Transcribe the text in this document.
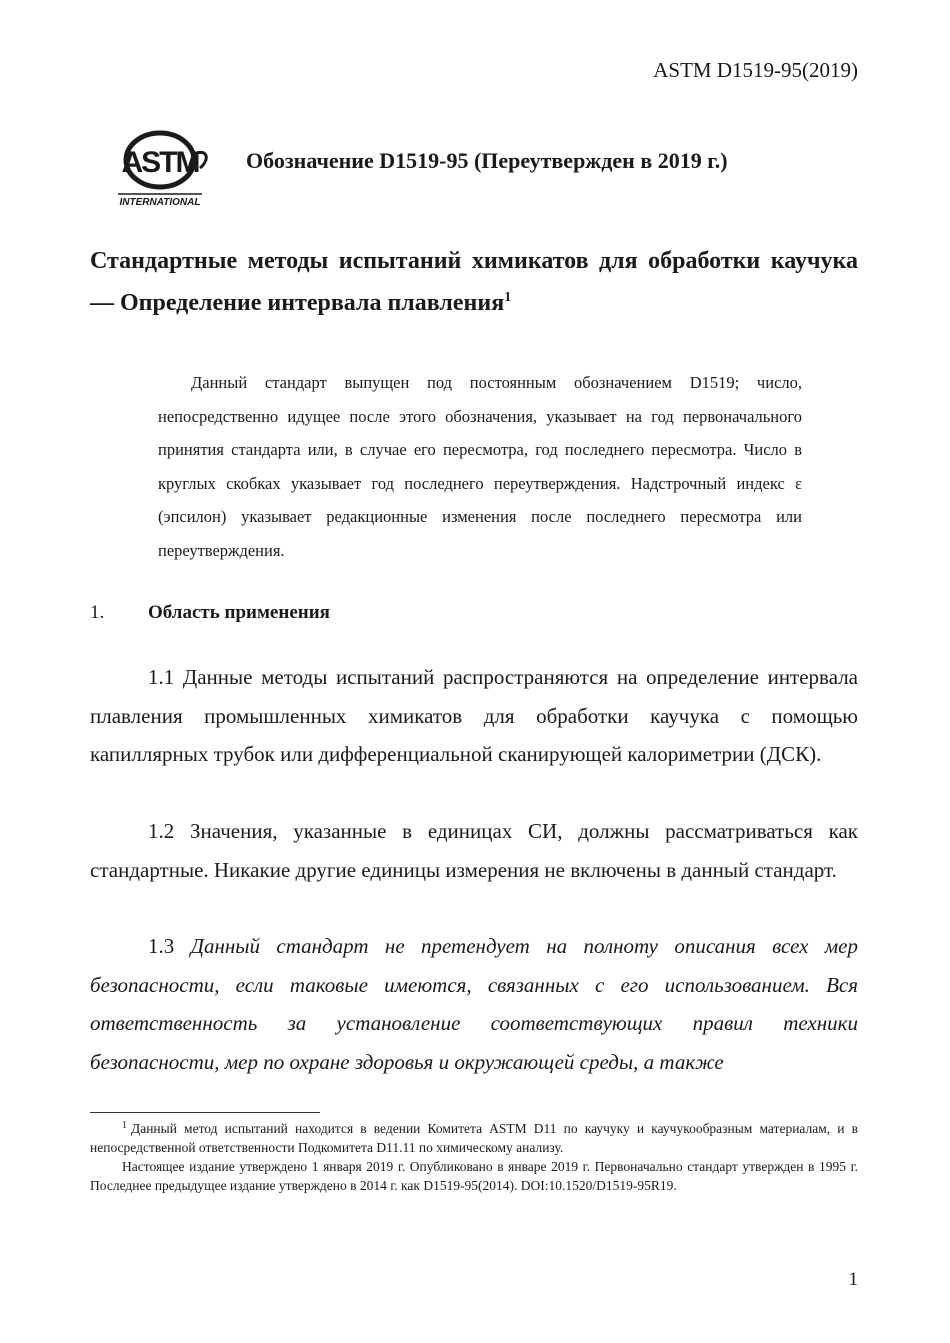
ASTM D1519-95(2019)
ASTM
INTERNATIONAL
Обозначение D1519-95 (Переутвержден в 2019 г.)
Стандартные методы испытаний химикатов для обработки каучука — Определение интервала плавления$^1$
Данный стандарт выпущен под постоянным обозначением D1519; число, непосредственно идущее после этого обозначения, указывает на год первоначального принятия стандарта или, в случае его пересмотра, год последнего пересмотра. Число в круглых скобках указывает год последнего переутверждения. Надстрочный индекс ε (эпсилон) указывает редакционные изменения после последнего пересмотра или переутверждения.
1. Область применения
1.1 Данные методы испытаний распространяются на определение интервала плавления промышленных химикатов для обработки каучука с помощью капиллярных трубок или дифференциальной сканирующей калориметрии (ДСК).
1.2 Значения, указанные в единицах СИ, должны рассматриваться как стандартные. Никакие другие единицы измерения не включены в данный стандарт.
1.3 Данный стандарт не претендует на полноту описания всех мер безопасности, если таковые имеются, связанных с его использованием. Вся ответственность за установление соответствующих правил техники безопасности, мер по охране здоровья и окружающей среды, а также
$^1$ Данный метод испытаний находится в ведении Комитета ASTM D11 по каучуку и каучукообразным материалам, и в непосредственной ответственности Подкомитета D11.11 по химическому анализу.
Настоящее издание утверждено 1 января 2019 г. Опубликовано в январе 2019 г. Первоначально стандарт утвержден в 1995 г. Последнее предыдущее издание утверждено в 2014 г. как D1519-95(2014). DOI:10.1520/D1519-95R19.
1
